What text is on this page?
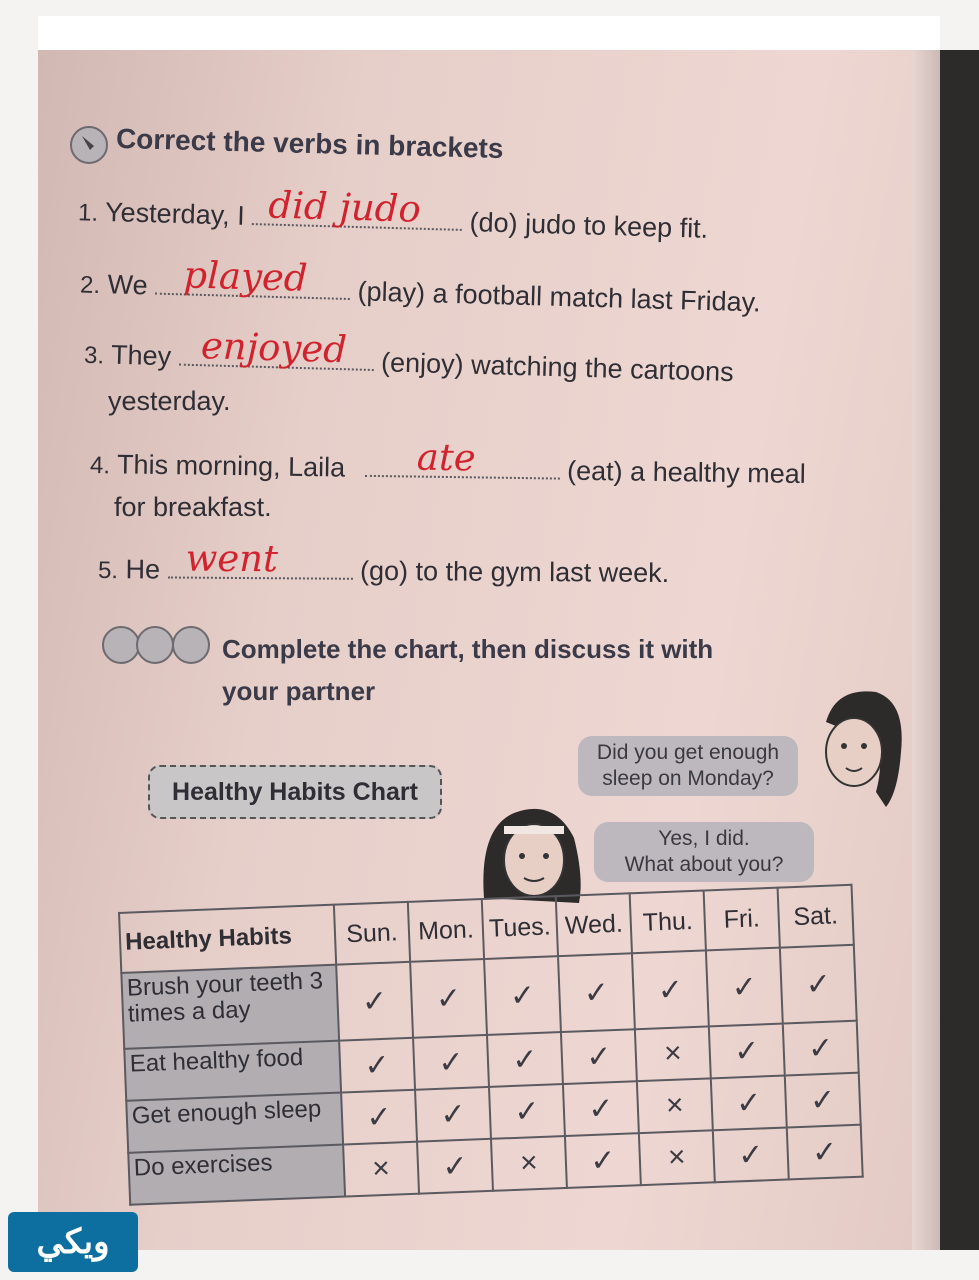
Correct the verbs in brackets
1. Yesterday, I did judo (do) judo to keep fit.
2. We played (play) a football match last Friday.
3. They enjoyed (enjoy) watching the cartoons
yesterday.
4. This morning, Laila ate	(eat) a healthy meal
for breakfast.
5. He went	(go) to the gym last week.
Complete the chart, then discuss it with
your partner
Healthy Habits Chart
Did you get enough
sleep on Monday?
Yes, I did.
What about you?
Healthy Habits	Sun.	Mon.	Tues.	Wed.	Thu.	Fri.	Sat.
Brush your teeth 3 times a day	✓	✓	✓	✓	✓	✓	✓
Eat healthy food	✓	✓	✓	✓	×	✓	✓
Get enough sleep	✓	✓	✓	✓	×	✓	✓
Do exercises	×	✓	×	✓	×	✓	✓
ويكي
